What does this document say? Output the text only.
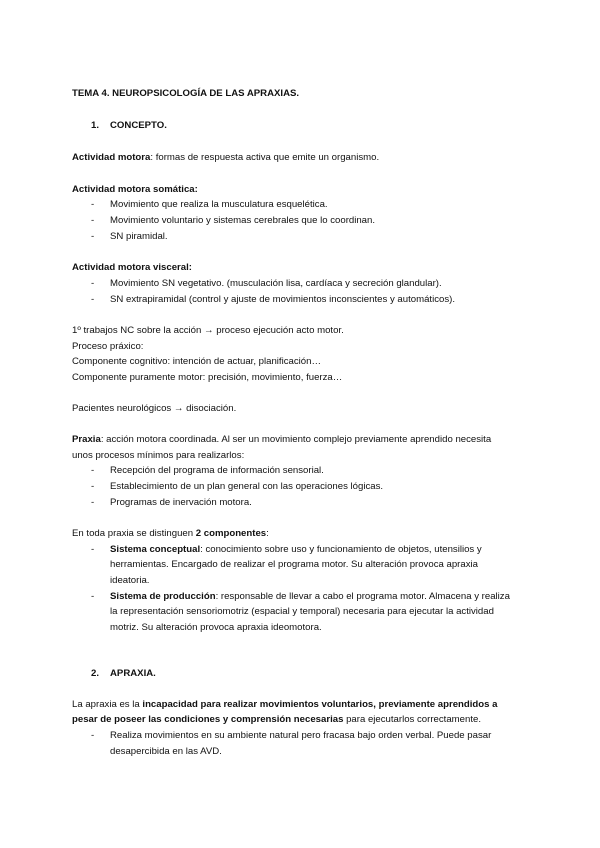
TEMA 4. NEUROPSICOLOGÍA DE LAS APRAXIAS.
1. CONCEPTO.
Actividad motora: formas de respuesta activa que emite un organismo.
Actividad motora somática:
- Movimiento que realiza la musculatura esquelética.
- Movimiento voluntario y sistemas cerebrales que lo coordinan.
- SN piramidal.
Actividad motora visceral:
- Movimiento SN vegetativo. (musculación lisa, cardíaca y secreción glandular).
- SN extrapiramidal (control y ajuste de movimientos inconscientes y automáticos).
1º trabajos NC sobre la acción → proceso ejecución acto motor.
Proceso práxico:
Componente cognitivo: intención de actuar, planificación…
Componente puramente motor: precisión, movimiento, fuerza…
Pacientes neurológicos → disociación.
Praxia: acción motora coordinada. Al ser un movimiento complejo previamente aprendido necesita
unos procesos mínimos para realizarlos:
- Recepción del programa de información sensorial.
- Establecimiento de un plan general con las operaciones lógicas.
- Programas de inervación motora.
En toda praxia se distinguen 2 componentes:
- Sistema conceptual: conocimiento sobre uso y funcionamiento de objetos, utensilios y
herramientas. Encargado de realizar el programa motor. Su alteración provoca apraxia
ideatoria.
- Sistema de producción: responsable de llevar a cabo el programa motor. Almacena y realiza
la representación sensoriomotriz (espacial y temporal) necesaria para ejecutar la actividad
motriz. Su alteración provoca apraxia ideomotora.
2. APRAXIA.
La apraxia es la incapacidad para realizar movimientos voluntarios, previamente aprendidos a
pesar de poseer las condiciones y comprensión necesarias para ejecutarlos correctamente.
- Realiza movimientos en su ambiente natural pero fracasa bajo orden verbal. Puede pasar
desapercibida en las AVD.
